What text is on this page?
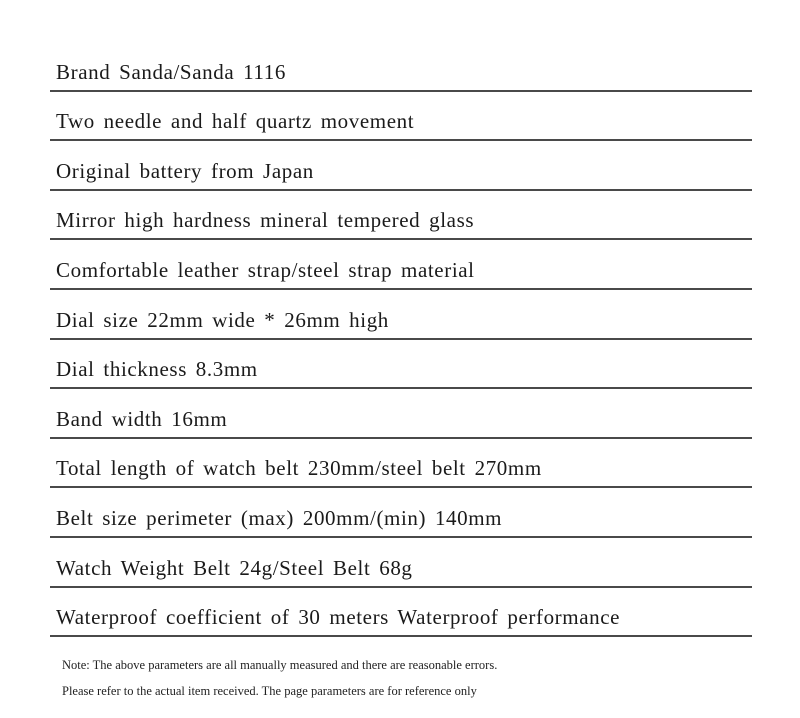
Brand Sanda/Sanda 1116
Two needle and half quartz movement
Original battery from Japan
Mirror high hardness mineral tempered glass
Comfortable leather strap/steel strap material
Dial size 22mm wide * 26mm high
Dial thickness 8.3mm
Band width 16mm
Total length of watch belt 230mm/steel belt 270mm
Belt size perimeter (max) 200mm/(min) 140mm
Watch Weight Belt 24g/Steel Belt 68g
Waterproof coefficient of 30 meters Waterproof performance
Note: The above parameters are all manually measured and there are reasonable errors.
Please refer to the actual item received. The page parameters are for reference only
